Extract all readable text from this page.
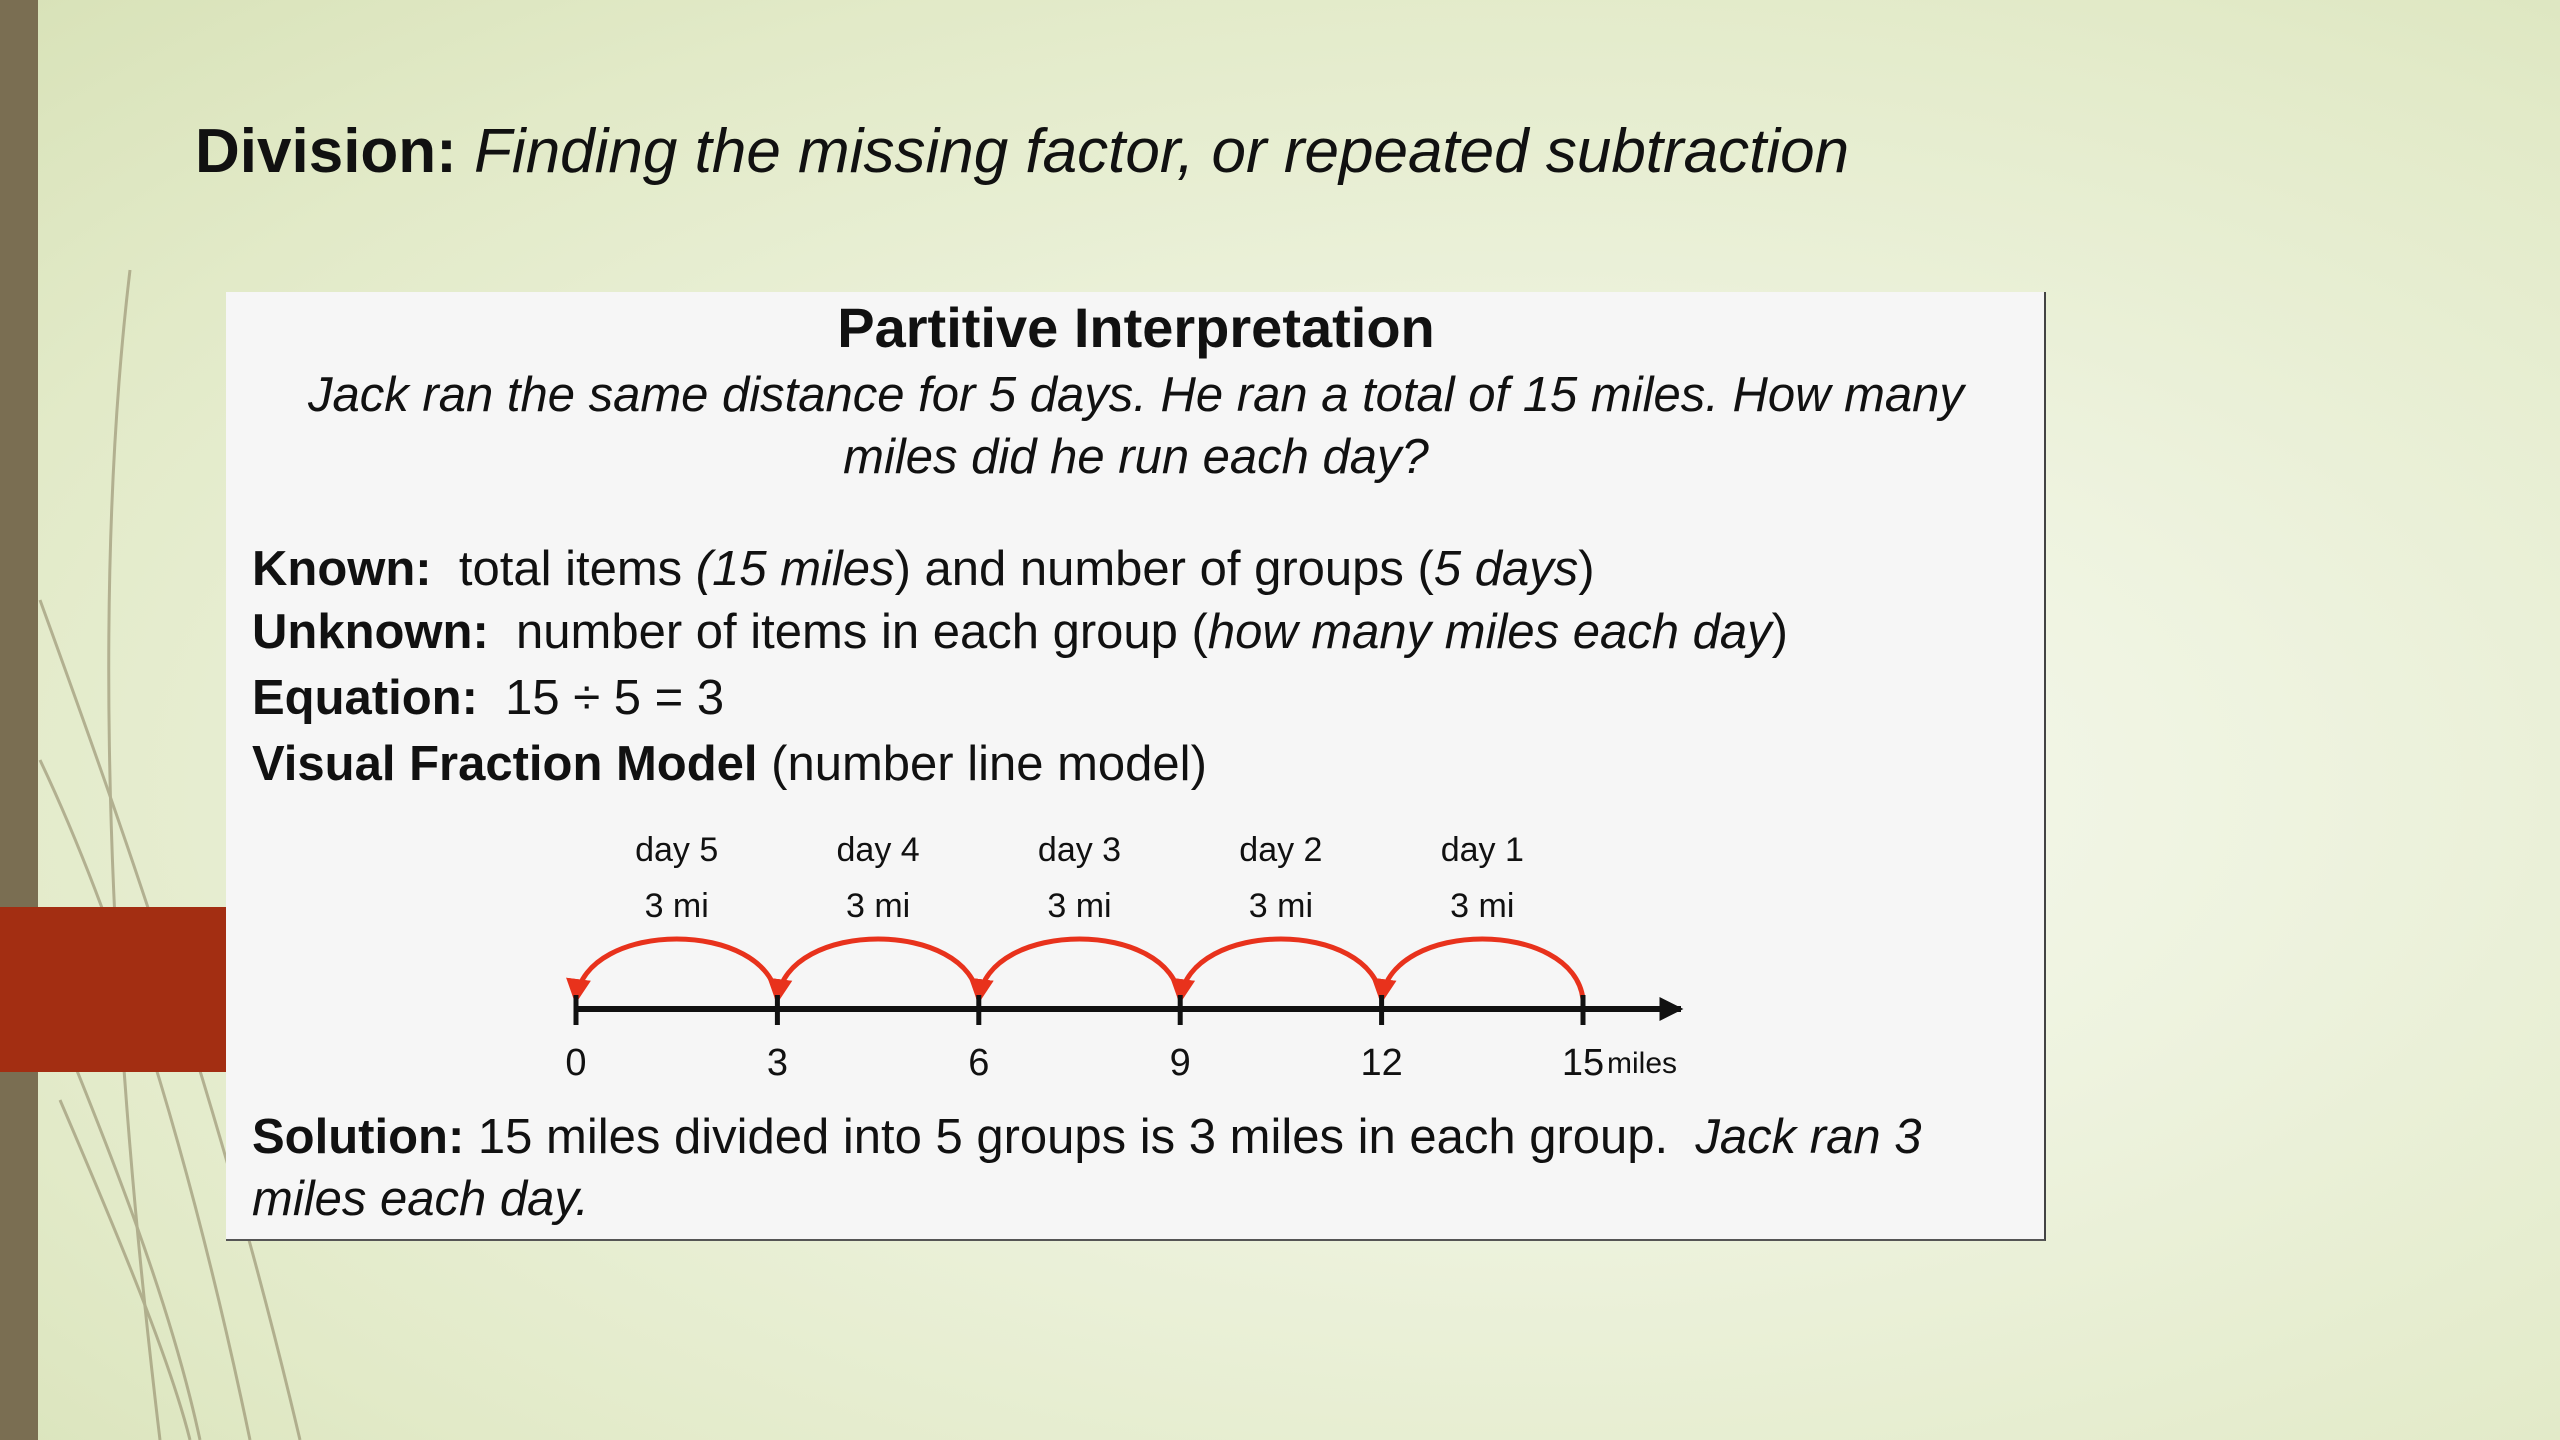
Division: Finding the missing factor, or repeated subtraction
Partitive Interpretation
Jack ran the same distance for 5 days. He ran a total of 15 miles. How many miles did he run each day?
Known: total items (15 miles) and number of groups (5 days)
Unknown: number of items in each group (how many miles each day)
Equation: 15 ÷ 5 = 3
Visual Fraction Model (number line model)
0	3	6	9	12	15 miles
3 mi
day 5
3 mi
day 4
3 mi
day 3
3 mi
day 2
3 mi
day 1
Solution: 15 miles divided into 5 groups is 3 miles in each group. Jack ran 3 miles each day.
